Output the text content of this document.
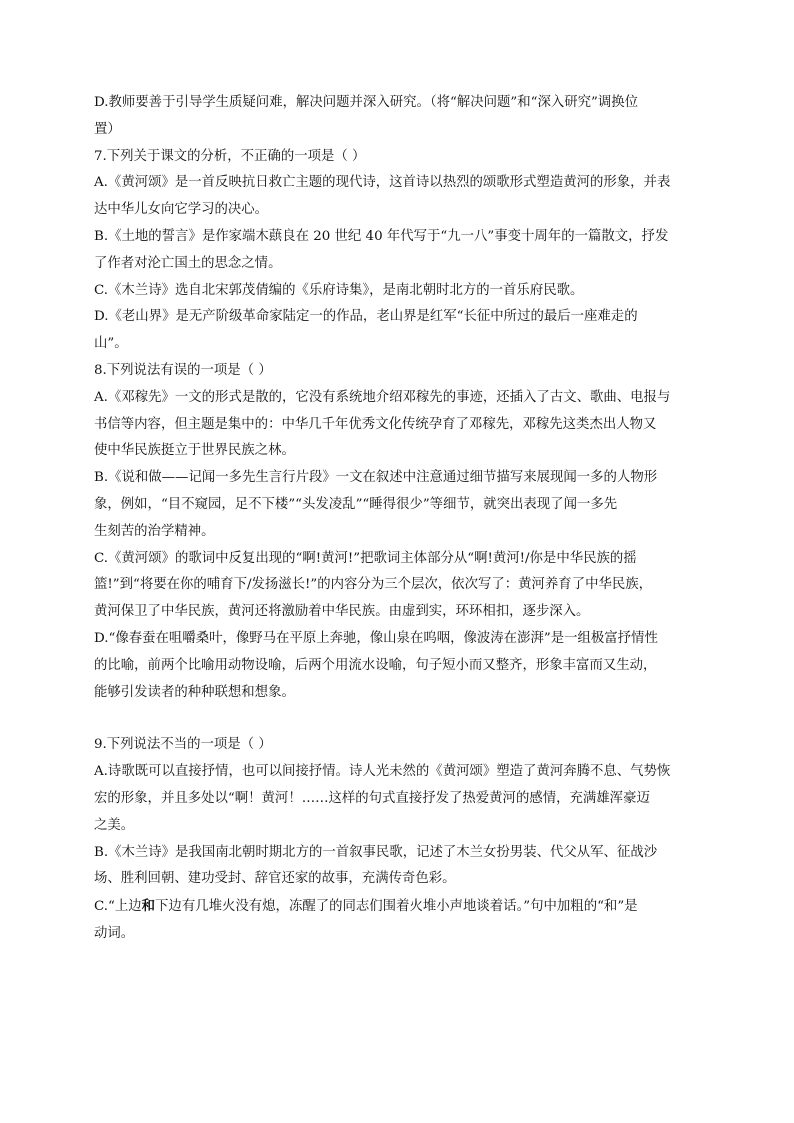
D.教师要善于引导学生质疑问难，解决问题并深入研究。（将“解决问题”和“深入研究”调换位
置）
7.下列关于课文的分析，不正确的一项是（ ）
A.《黄河颂》是一首反映抗日救亡主题的现代诗，这首诗以热烈的颂歌形式塑造黄河的形象，并表
达中华儿女向它学习的决心。
B.《土地的誓言》是作家端木蕻良在 20 世纪 40 年代写于“九一八”事变十周年的一篇散文，抒发
了作者对沦亡国土的思念之情。
C.《木兰诗》选自北宋郭茂倩编的《乐府诗集》，是南北朝时北方的一首乐府民歌。
D.《老山界》是无产阶级革命家陆定一的作品，老山界是红军“长征中所过的最后一座难走的
山”。
8.下列说法有误的一项是（ ）
A.《邓稼先》一文的形式是散的，它没有系统地介绍邓稼先的事迹，还插入了古文、歌曲、电报与
书信等内容，但主题是集中的：中华几千年优秀文化传统孕育了邓稼先，邓稼先这类杰出人物又
使中华民族挺立于世界民族之林。
B.《说和做——记闻一多先生言行片段》一文在叙述中注意通过细节描写来展现闻一多的人物形
象，例如，“目不窥园，足不下楼”“头发凌乱”“睡得很少”等细节，就突出表现了闻一多先
生刻苦的治学精神。
C.《黄河颂》的歌词中反复出现的“啊!黄河!”把歌词主体部分从“啊!黄河!/你是中华民族的摇
篮!”到“将要在你的哺育下/发扬滋长!”的内容分为三个层次，依次写了：黄河养育了中华民族，
黄河保卫了中华民族，黄河还将激励着中华民族。由虚到实，环环相扣，逐步深入。
D.“像春蚕在咀嚼桑叶，像野马在平原上奔驰，像山泉在呜咽，像波涛在澎湃”是一组极富抒情性
的比喻，前两个比喻用动物设喻，后两个用流水设喻，句子短小而又整齐，形象丰富而又生动，
能够引发读者的种种联想和想象。
9.下列说法不当的一项是（ ）
A.诗歌既可以直接抒情，也可以间接抒情。诗人光未然的《黄河颂》塑造了黄河奔腾不息、气势恢
宏的形象，并且多处以“啊！黄河！……这样的句式直接抒发了热爱黄河的感情，充满雄浑豪迈
之美。
B.《木兰诗》是我国南北朝时期北方的一首叙事民歌，记述了木兰女扮男装、代父从军、征战沙
场、胜利回朝、建功受封、辞官还家的故事，充满传奇色彩。
C.“上边和下边有几堆火没有熄，冻醒了的同志们围着火堆小声地谈着话。”句中加粗的“和”是
动词。
